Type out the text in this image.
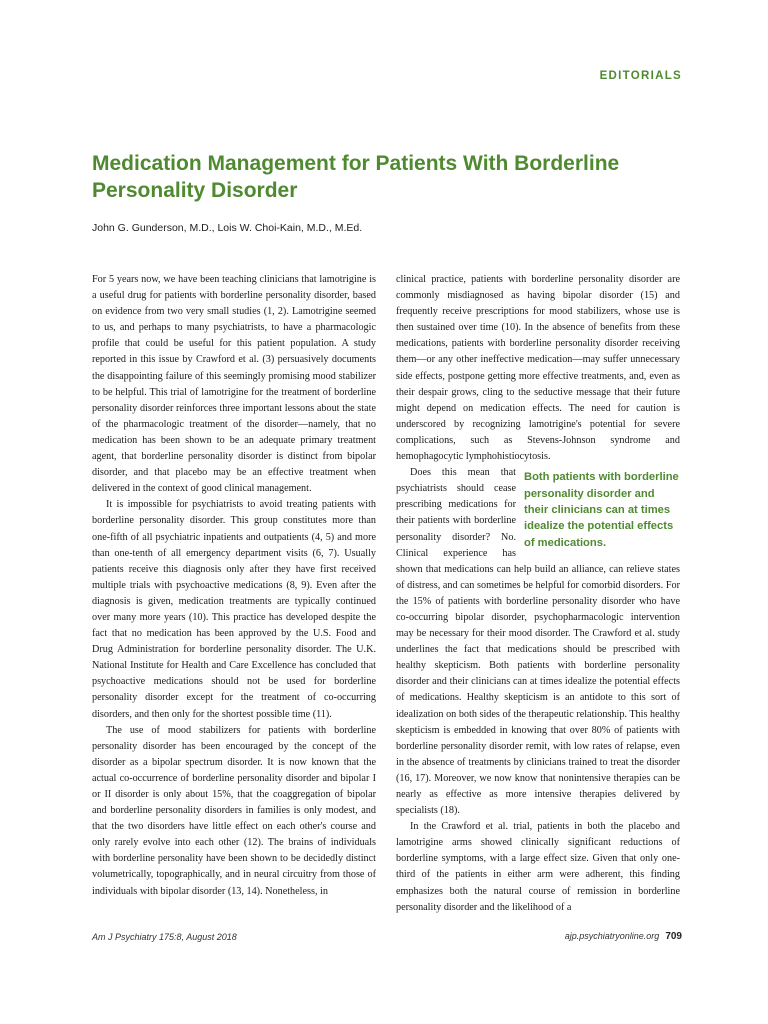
EDITORIALS
Medication Management for Patients With Borderline Personality Disorder
John G. Gunderson, M.D., Lois W. Choi-Kain, M.D., M.Ed.

For 5 years now, we have been teaching clinicians that lamotrigine is a useful drug for patients with borderline personality disorder, based on evidence from two very small studies (1, 2). Lamotrigine seemed to us, and perhaps to many psychiatrists, to have a pharmacologic profile that could be useful for this patient population. A study reported in this issue by Crawford et al. (3) persuasively documents the disappointing failure of this seemingly promising mood stabilizer to be helpful. This trial of lamotrigine for the treatment of borderline personality disorder reinforces three important lessons about the state of the pharmacologic treatment of the disorder—namely, that no medication has been shown to be an adequate primary treatment agent, that borderline personality disorder is distinct from bipolar disorder, and that placebo may be an effective treatment when delivered in the context of good clinical management.

It is impossible for psychiatrists to avoid treating patients with borderline personality disorder. This group constitutes more than one-fifth of all psychiatric inpatients and outpatients (4, 5) and more than one-tenth of all emergency department visits (6, 7). Usually patients receive this diagnosis only after they have first received multiple trials with psychoactive medications (8, 9). Even after the diagnosis is given, medication treatments are typically continued over many more years (10). This practice has developed despite the fact that no medication has been approved by the U.S. Food and Drug Administration for borderline personality disorder. The U.K. National Institute for Health and Care Excellence has concluded that psychoactive medications should not be used for borderline personality disorder except for the treatment of co-occurring disorders, and then only for the shortest possible time (11).

The use of mood stabilizers for patients with borderline personality disorder has been encouraged by the concept of the disorder as a bipolar spectrum disorder. It is now known that the actual co-occurrence of borderline personality disorder and bipolar I or II disorder is only about 15%, that the coaggregation of bipolar and borderline personality disorders in families is only modest, and that the two disorders have little effect on each other's course and only rarely evolve into each other (12). The brains of individuals with borderline personality have been shown to be decidedly distinct volumetrically, topographically, and in neural circuitry from those of individuals with bipolar disorder (13, 14). Nonetheless, in

clinical practice, patients with borderline personality disorder are commonly misdiagnosed as having bipolar disorder (15) and frequently receive prescriptions for mood stabilizers, whose use is then sustained over time (10). In the absence of benefits from these medications, patients with borderline personality disorder receiving them—or any other ineffective medication—may suffer unnecessary side effects, postpone getting more effective treatments, and, even as their despair grows, cling to the seductive message that their future might depend on medication effects. The need for caution is underscored by recognizing lamotrigine's potential for severe complications, such as Stevens-Johnson syndrome and hemophagocytic lymphohistiocytosis.

Both patients with borderline personality disorder and their clinicians can at times idealize the potential effects of medications.

Does this mean that psychiatrists should cease prescribing medications for their patients with borderline personality disorder? No. Clinical experience has shown that medications can help build an alliance, can relieve states of distress, and can sometimes be helpful for comorbid disorders. For the 15% of patients with borderline personality disorder who have co-occurring bipolar disorder, psychopharmacologic intervention may be necessary for their mood disorder. The Crawford et al. study underlines the fact that medications should be prescribed with healthy skepticism. Both patients with borderline personality disorder and their clinicians can at times idealize the potential effects of medications. Healthy skepticism is an antidote to this sort of idealization on both sides of the therapeutic relationship. This healthy skepticism is embedded in knowing that over 80% of patients with borderline personality disorder remit, with low rates of relapse, even in the absence of treatments by clinicians trained to treat the disorder (16, 17). Moreover, we now know that nonintensive therapies can be nearly as effective as more intensive therapies delivered by specialists (18).

In the Crawford et al. trial, patients in both the placebo and lamotrigine arms showed clinically significant reductions of borderline symptoms, with a large effect size. Given that only one-third of the patients in either arm were adherent, this finding emphasizes both the natural course of remission in borderline personality disorder and the likelihood of a

Am J Psychiatry 175:8, August 2018	ajp.psychiatryonline.org 709
